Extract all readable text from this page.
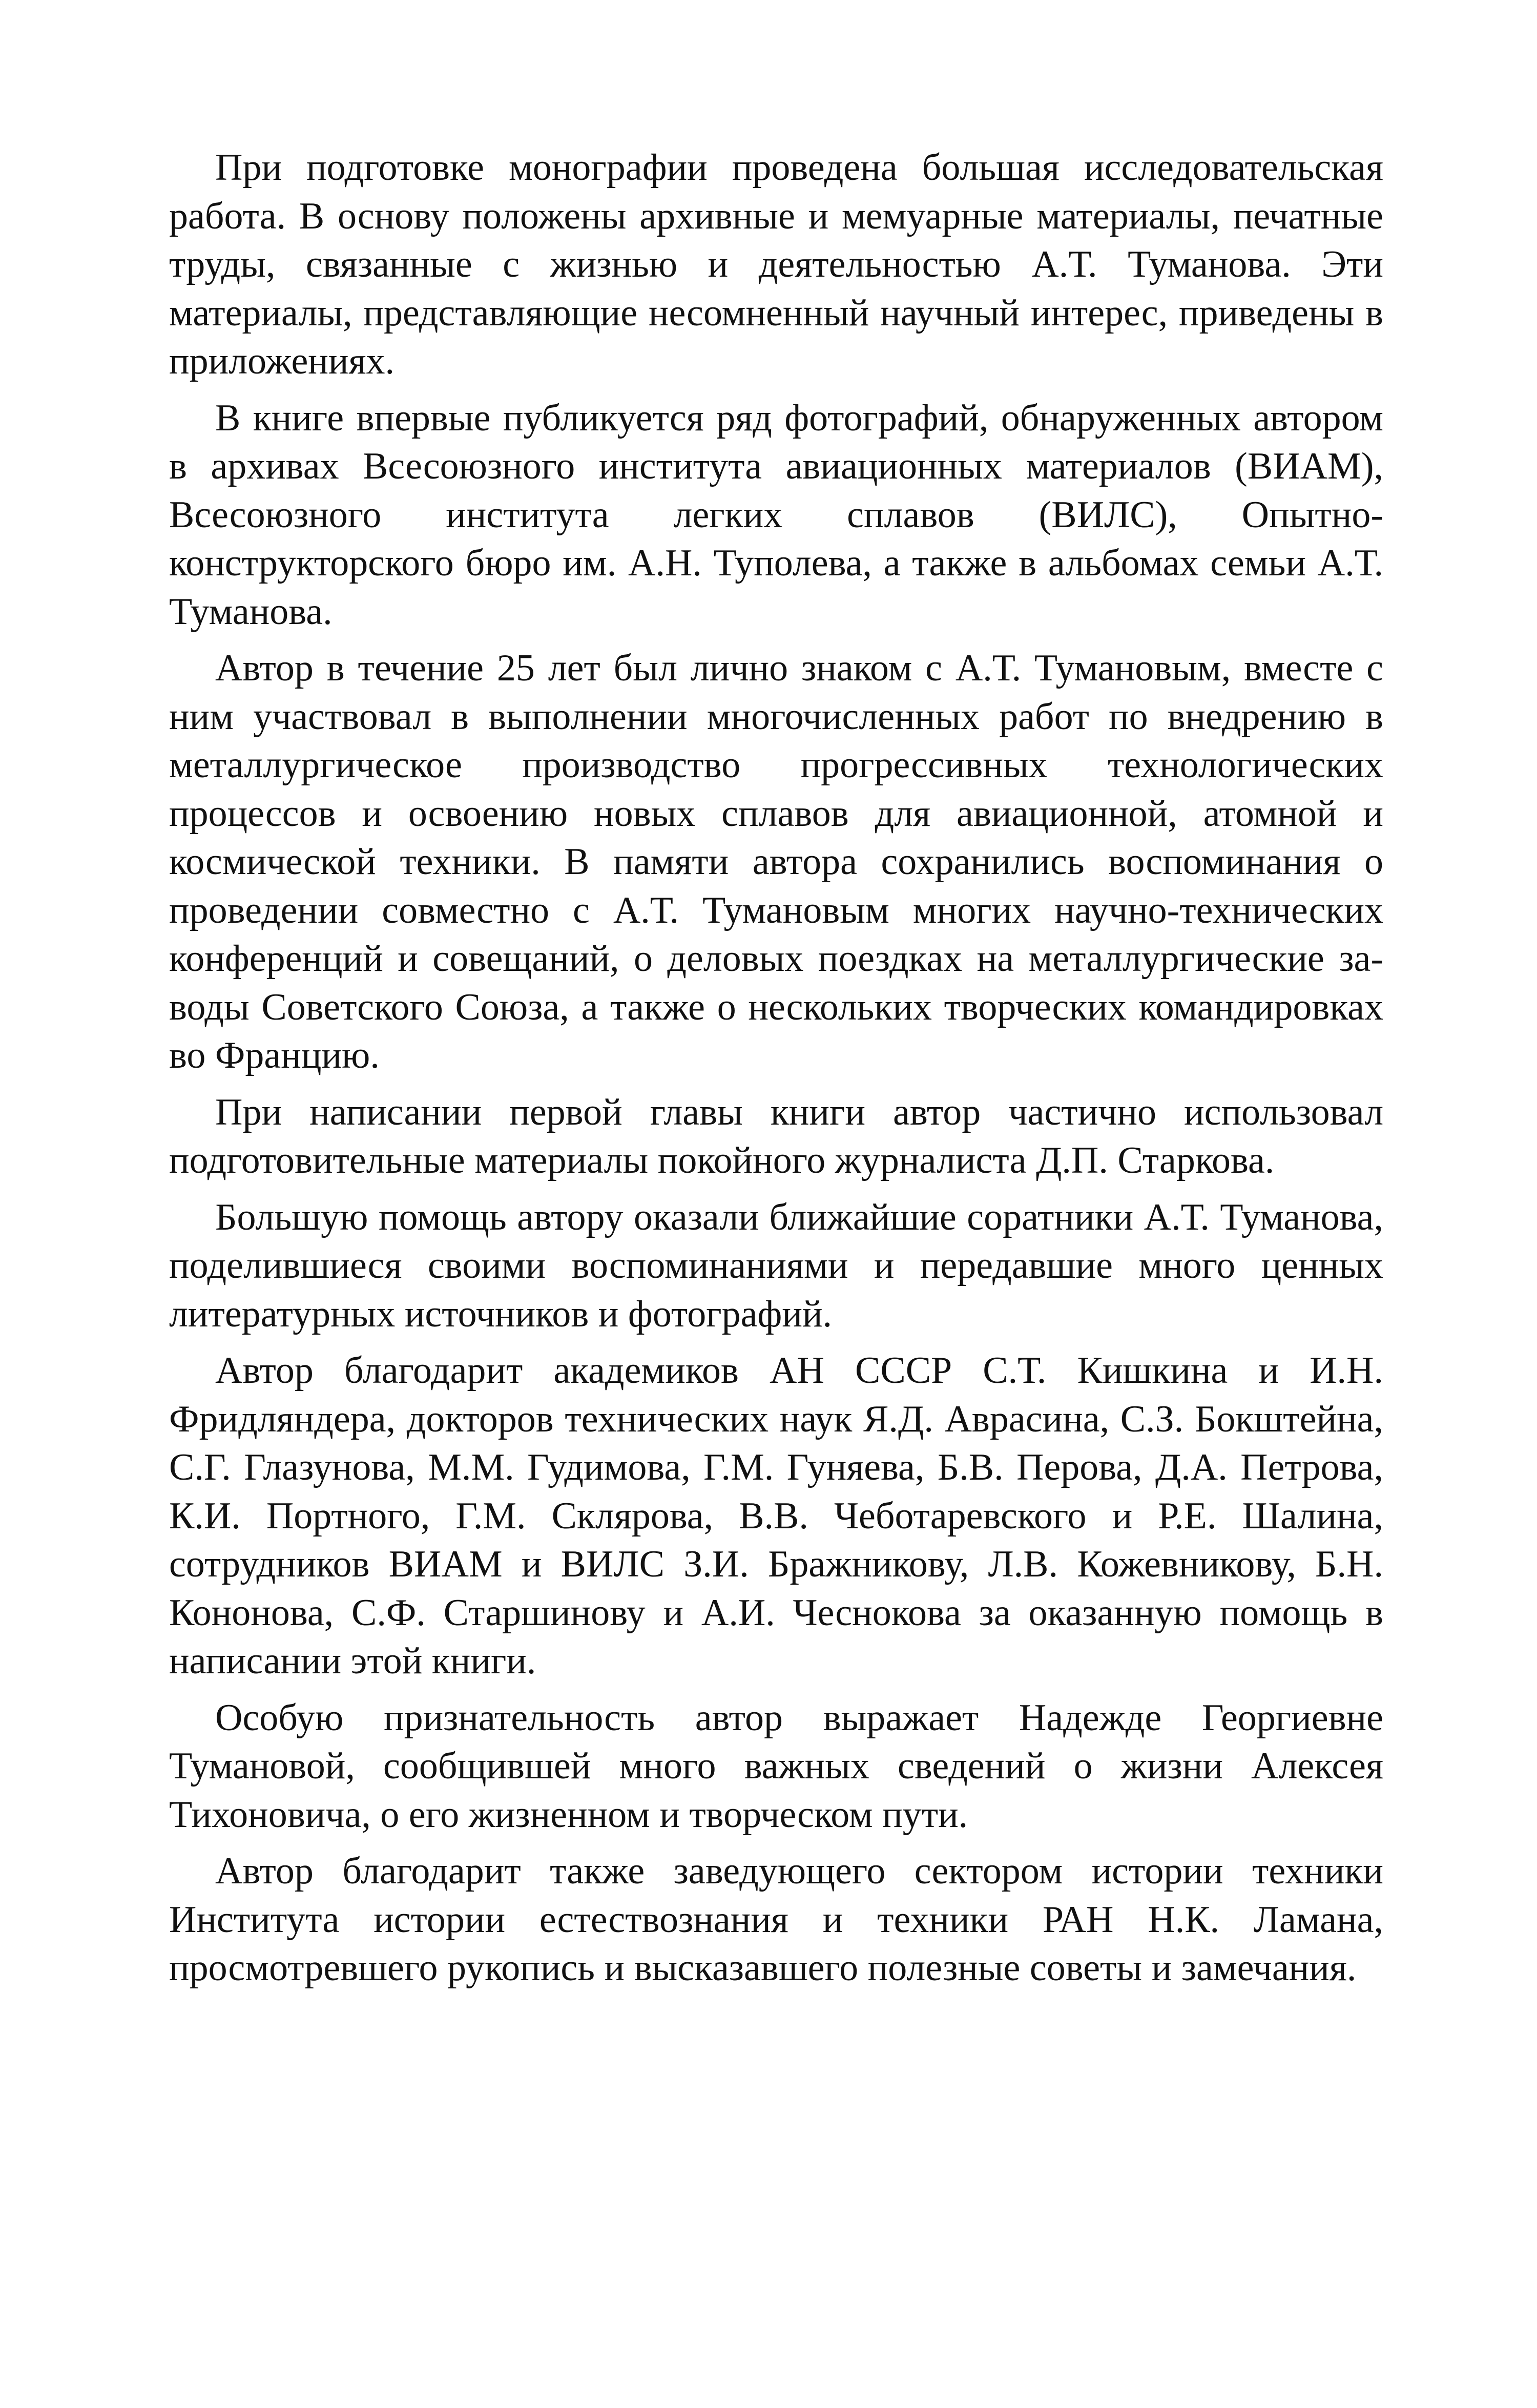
При подготовке монографии проведена большая исследовательская работа. В основу положены архивные и мемуарные материалы, печатные труды, связанные с жизнью и деятельностью А.Т. Туманова. Эти материалы, представляющие несомненный научный интерес, приведены в приложениях.

В книге впервые публикуется ряд фотографий, обнаруженных автором в архивах Всесоюзного института авиационных материалов (ВИАМ), Всесоюзного института легких сплавов (ВИЛС), Опытно-конструкторского бюро им. А.Н. Туполева, а также в альбомах семьи А.Т. Туманова.

Автор в течение 25 лет был лично знаком с А.Т. Тумановым, вместе с ним участвовал в выполнении многочисленных работ по внедрению в металлургическое производство прогрессивных технологических процессов и освоению новых сплавов для авиационной, атомной и космической техники. В памяти автора сохранились воспоминания о проведении совместно с А.Т. Тумановым многих научно-технических конференций и совещаний, о деловых поездках на металлургические заводы Советского Союза, а также о нескольких творческих командировках во Францию.

При написании первой главы книги автор частично использовал подготовительные материалы покойного журналиста Д.П. Старкова.

Большую помощь автору оказали ближайшие соратники А.Т. Туманова, поделившиеся своими воспоминаниями и передавшие много ценных литературных источников и фотографий.

Автор благодарит академиков АН СССР С.Т. Кишкина и И.Н. Фридляндера, докторов технических наук Я.Д. Аврасина, С.З. Бокштейна, С.Г. Глазунова, М.М. Гудимова, Г.М. Гуняева, Б.В. Перова, Д.А. Петрова, К.И. Портного, Г.М. Склярова, В.В. Чеботаревского и Р.Е. Шалина, сотрудников ВИАМ и ВИЛС З.И. Бражникову, Л.В. Кожевникову, Б.Н. Кононова, С.Ф. Старшинову и А.И. Чеснокова за оказанную помощь в написании этой книги.

Особую признательность автор выражает Надежде Георгиевне Тумановой, сообщившей много важных сведений о жизни Алексея Тихоновича, о его жизненном и творческом пути.

Автор благодарит также заведующего сектором истории техники Института истории естествознания и техники РАН Н.К. Ламана, просмотревшего рукопись и высказавшего полезные советы и замечания.
